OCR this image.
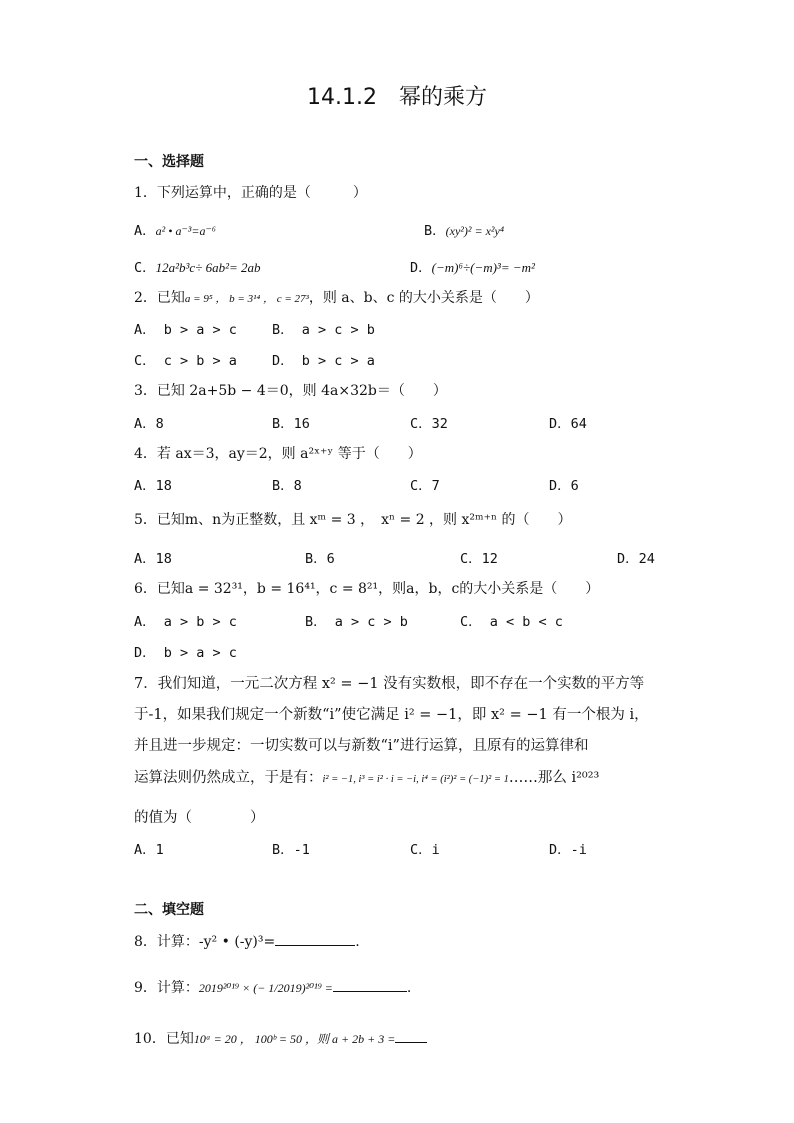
14.1.2　幂的乘方
一、选择题
1．下列运算中，正确的是（　　　）
A．a² • a⁻³=a⁻⁶	B．(xy²)² = x²y⁴
C．12a²b³c÷ 6ab²= 2ab	D．(−m)⁶÷(−m)³= −m²
2．已知a = 9⁵ ， b = 3¹⁴ ， c = 27³，则 a、b、c 的大小关系是（　　）
A． b > a > c	B． a > c > b
C． c > b > a	D． b > c > a
3．已知 2a+5b − 4＝0，则 4a×32b＝（　　）
A．8	B．16	C．32	D．64
4．若 ax＝3，ay＝2，则 a²ˣ⁺ʸ 等于（　　）
A．18	B．8	C．7	D．6
5．已知m、n为正整数，且 xᵐ = 3 ，　xⁿ = 2 ，则 x²ᵐ⁺ⁿ 的（　　）
A．18	B．6	C．12	D．24
6．已知a = 32³¹，b = 16⁴¹，c = 8²¹，则a，b，c的大小关系是（　　）
A． a > b > c	B． a > c > b	C． a < b < c
D． b > a > c
7．我们知道，一元二次方程 x² = −1 没有实数根，即不存在一个实数的平方等
于-1，如果我们规定一个新数“i”使它满足 i² = −1，即 x² = −1 有一个根为 i，
并且进一步规定：一切实数可以与新数“i”进行运算，且原有的运算律和
运算法则仍然成立，于是有：i² = −1, i³ = i² · i = −i, i⁴ = (i²)² = (−1)² = 1……那么 i²⁰²³
的值为（　　　　）
A．1	B．-1	C．i	D．-i
二、填空题
8．计算：-y² • (-y)³=	.
9．计算：2019²⁰¹⁹ × (− 1/2019)²⁰¹⁹ =	.
10．已知10ᵃ = 20 ， 100ᵇ = 50 ，则 a + 2b + 3 =
